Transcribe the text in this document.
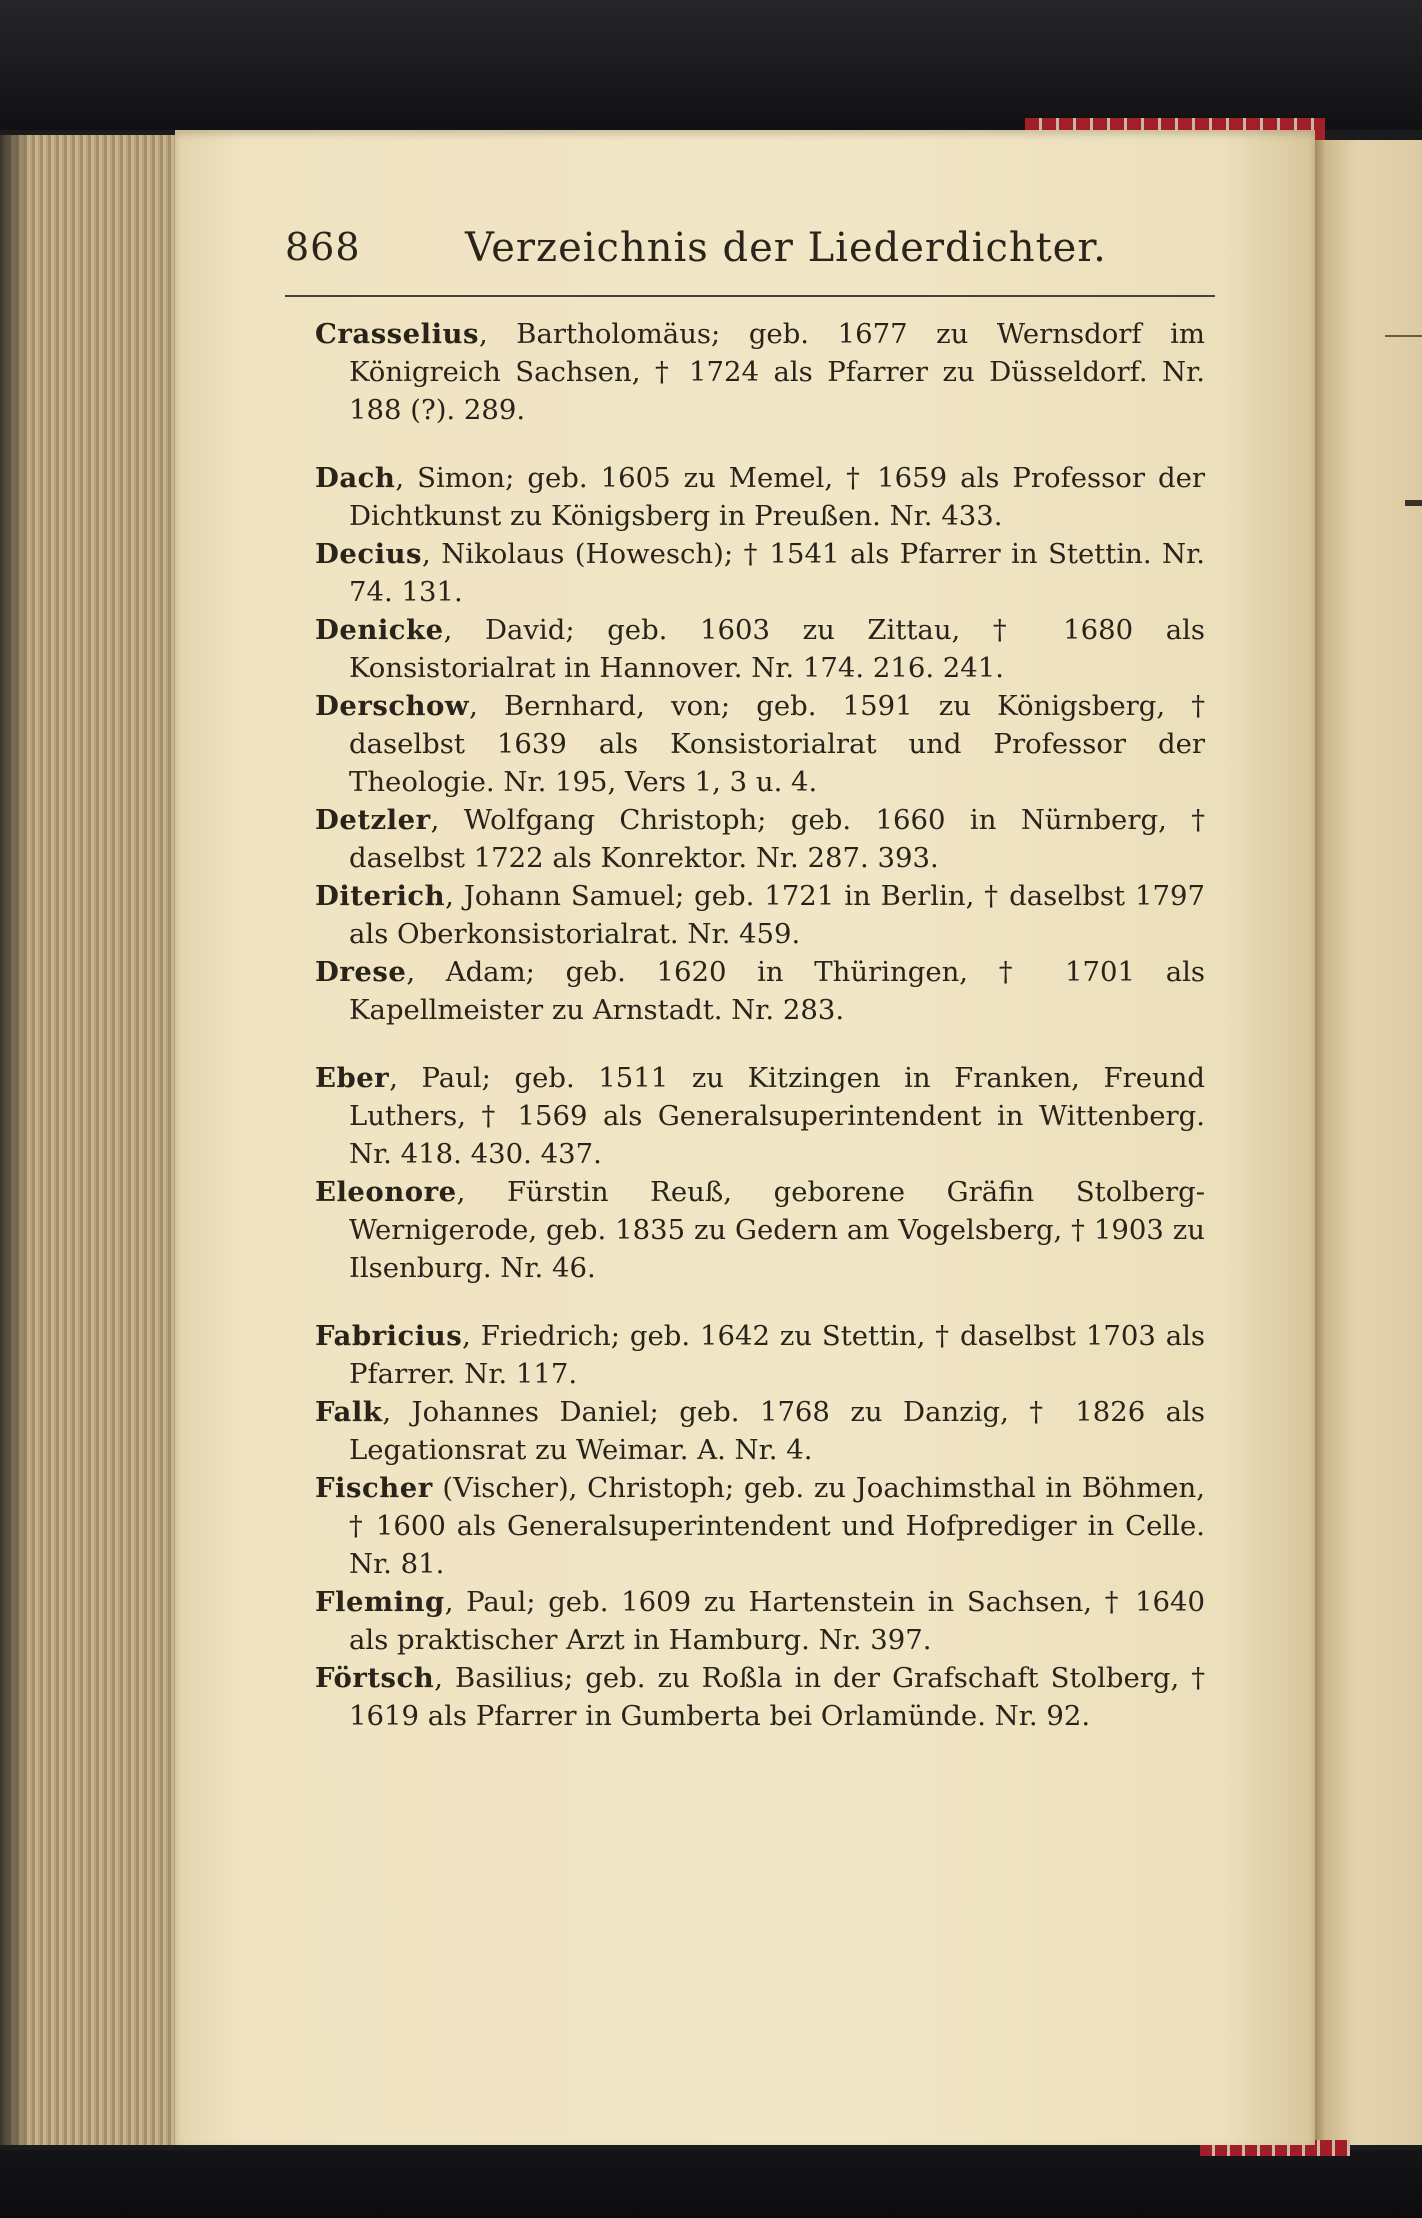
868	Verzeichnis der Liederdichter.

Crasselius, Bartholomäus; geb. 1677 zu Wernsdorf im Königreich Sachsen, † 1724 als Pfarrer zu Düsseldorf. Nr. 188 (?). 289.

Dach, Simon; geb. 1605 zu Memel, † 1659 als Professor der Dichtkunst zu Königsberg in Preußen. Nr. 433.

Decius, Nikolaus (Howesch); † 1541 als Pfarrer in Stettin. Nr. 74. 131.

Denicke, David; geb. 1603 zu Zittau, † 1680 als Konsistorialrat in Hannover. Nr. 174. 216. 241.

Derschow, Bernhard, von; geb. 1591 zu Königsberg, † daselbst 1639 als Konsistorialrat und Professor der Theologie. Nr. 195, Vers 1, 3 u. 4.

Detzler, Wolfgang Christoph; geb. 1660 in Nürnberg, † daselbst 1722 als Konrektor. Nr. 287. 393.

Diterich, Johann Samuel; geb. 1721 in Berlin, † daselbst 1797 als Oberkonsistorialrat. Nr. 459.

Drese, Adam; geb. 1620 in Thüringen, † 1701 als Kapellmeister zu Arnstadt. Nr. 283.

Eber, Paul; geb. 1511 zu Kitzingen in Franken, Freund Luthers, † 1569 als Generalsuperintendent in Wittenberg. Nr. 418. 430. 437.

Eleonore, Fürstin Reuß, geborene Gräfin Stolberg-Wernigerode, geb. 1835 zu Gedern am Vogelsberg, † 1903 zu Ilsenburg. Nr. 46.

Fabricius, Friedrich; geb. 1642 zu Stettin, † daselbst 1703 als Pfarrer. Nr. 117.

Falk, Johannes Daniel; geb. 1768 zu Danzig, † 1826 als Legationsrat zu Weimar. A. Nr. 4.

Fischer (Vischer), Christoph; geb. zu Joachimsthal in Böhmen, † 1600 als Generalsuperintendent und Hofprediger in Celle. Nr. 81.

Fleming, Paul; geb. 1609 zu Hartenstein in Sachsen, † 1640 als praktischer Arzt in Hamburg. Nr. 397.

Förtsch, Basilius; geb. zu Roßla in der Grafschaft Stolberg, † 1619 als Pfarrer in Gumberta bei Orlamünde. Nr. 92.
